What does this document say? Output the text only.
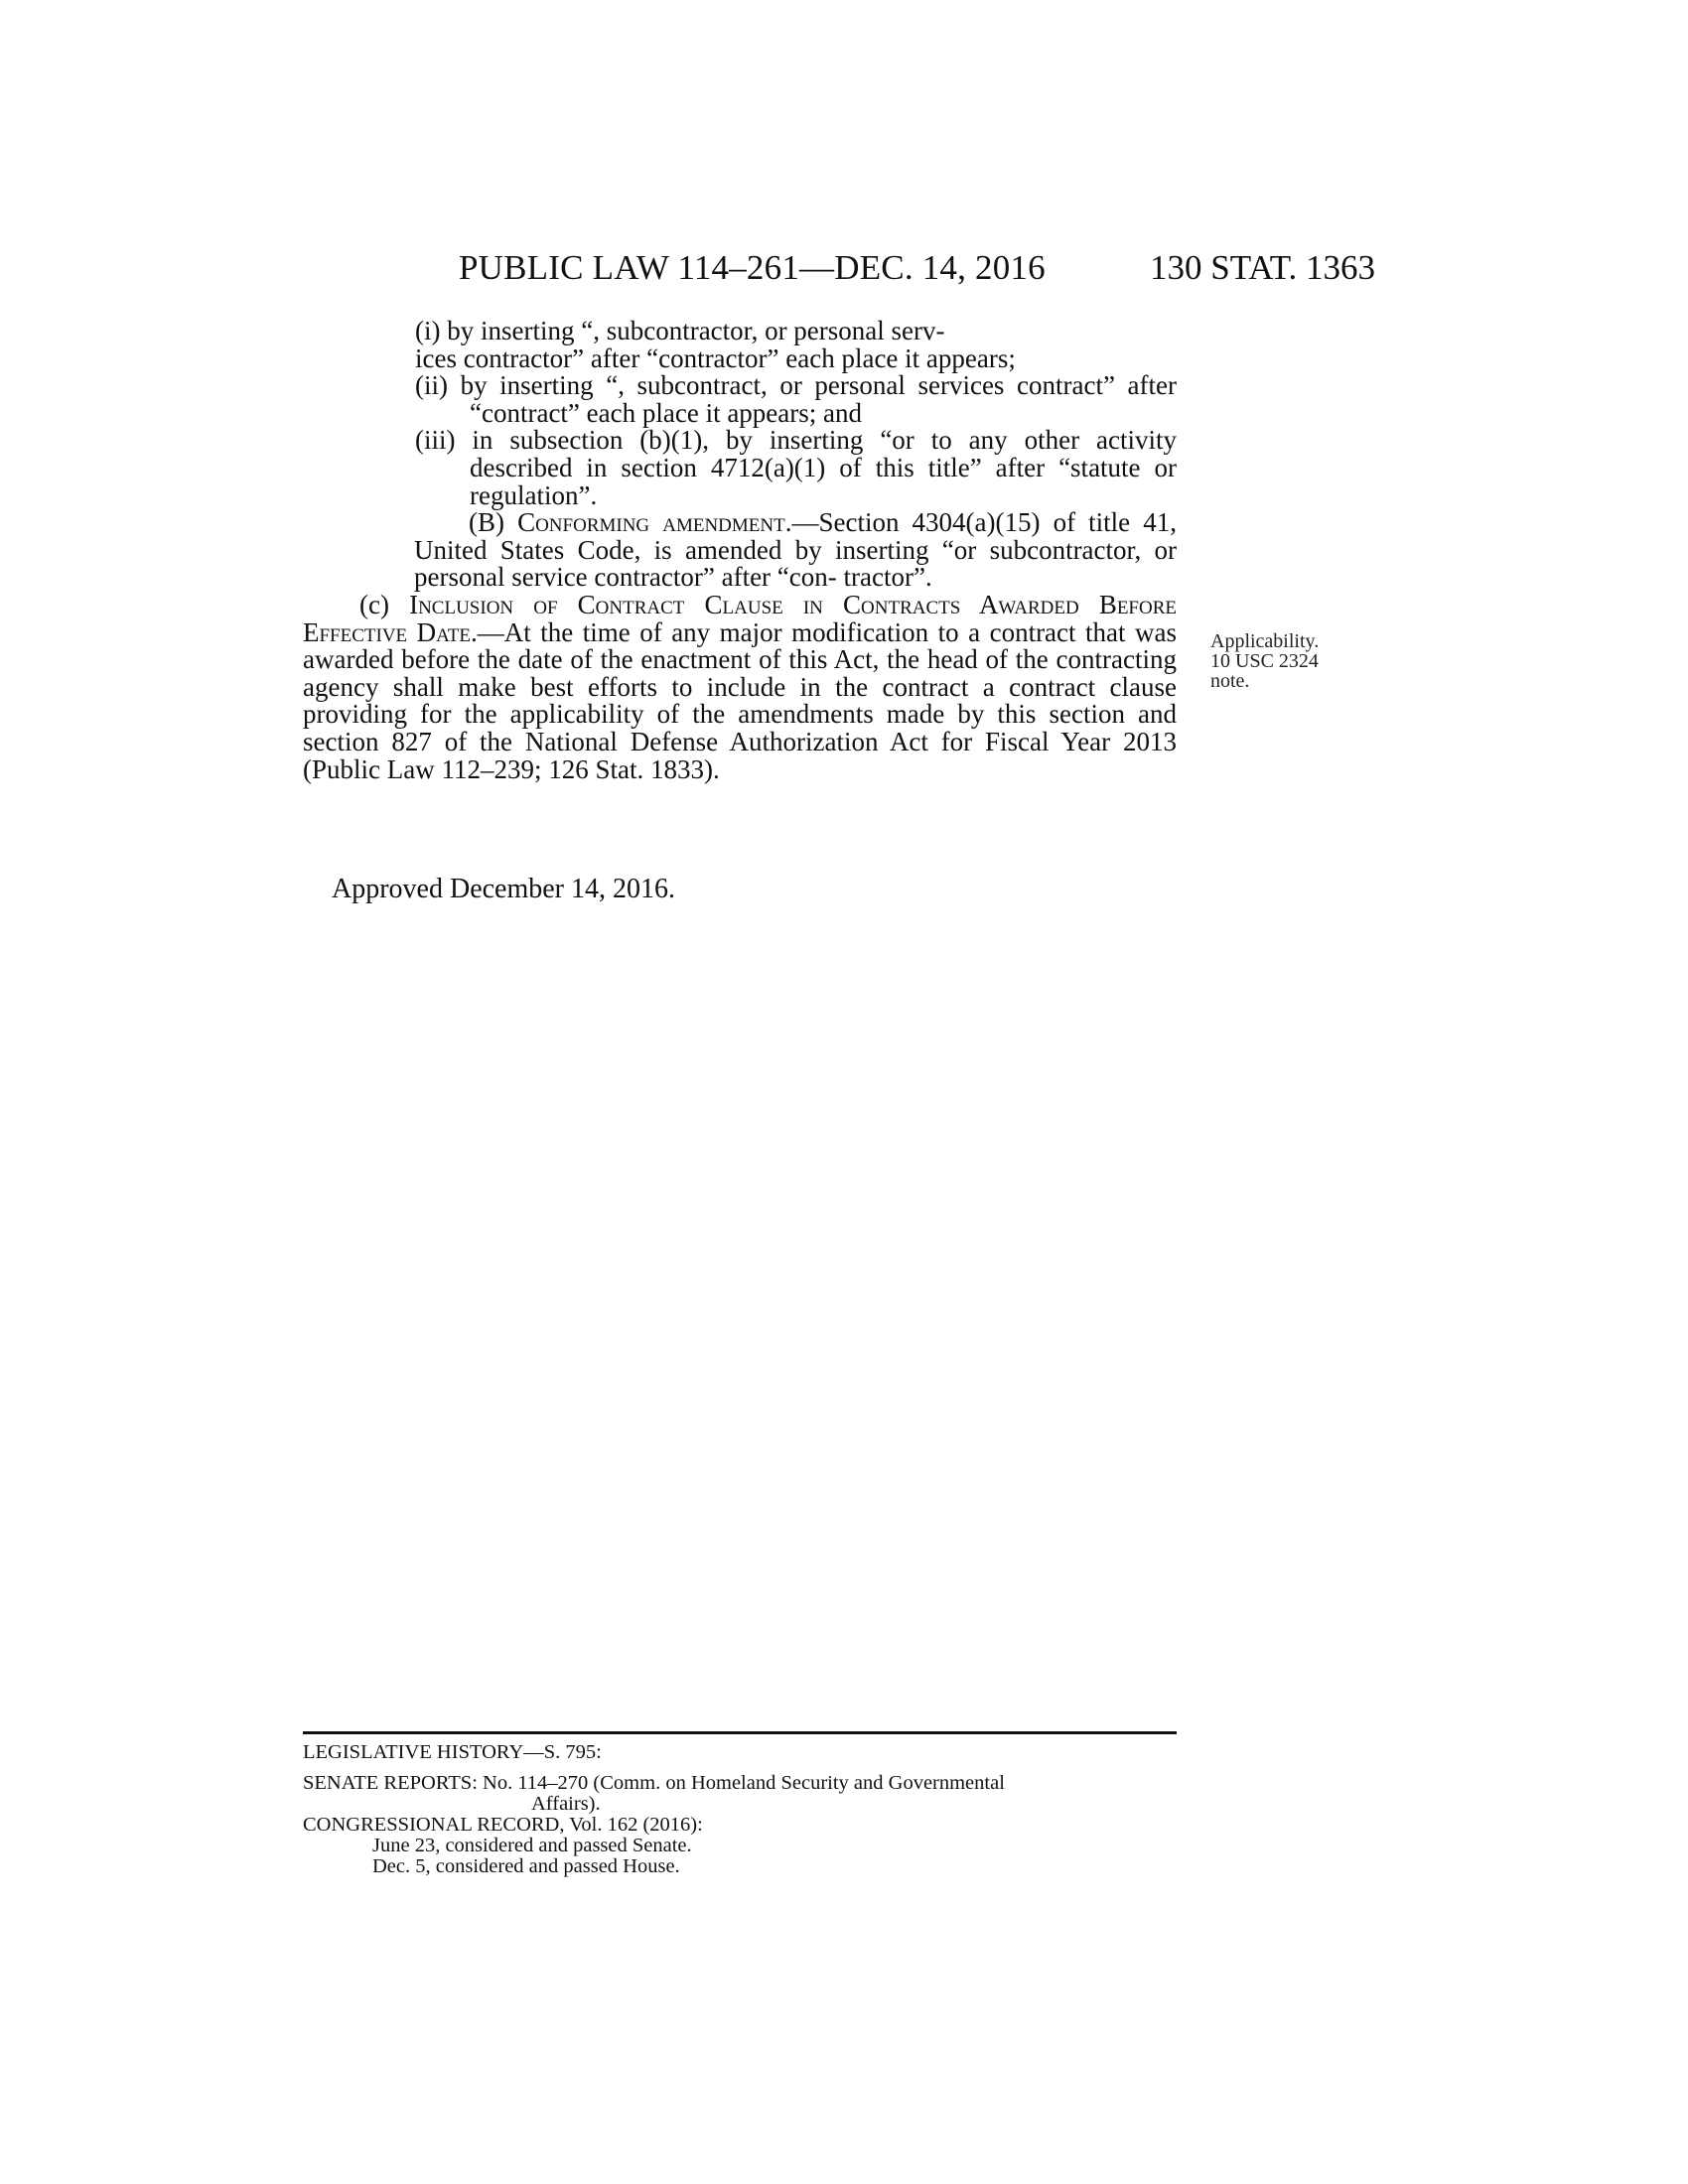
PUBLIC LAW 114–261—DEC. 14, 2016	130 STAT. 1363

(i) by inserting “, subcontractor, or personal serv-
ices contractor” after “contractor” each place it appears;

(ii) by inserting “, subcontract, or personal services contract” after “contract” each place it appears; and

(iii) in subsection (b)(1), by inserting “or to any other activity described in section 4712(a)(1) of this title” after “statute or regulation”.

(B) Conforming amendment.—Section 4304(a)(15) of title 41, United States Code, is amended by inserting “or subcontractor, or personal service contractor” after “con- tractor”.

(c) Inclusion of Contract Clause in Contracts Awarded Before Effective Date.—At the time of any major modification to a contract that was awarded before the date of the enactment of this Act, the head of the contracting agency shall make best efforts to include in the contract a contract clause providing for the applicability of the amendments made by this section and section 827 of the National Defense Authorization Act for Fiscal Year 2013 (Public Law 112–239; 126 Stat. 1833).

Applicability.
10 USC 2324
note.
Approved December 14, 2016.

LEGISLATIVE HISTORY—S. 795:

SENATE REPORTS: No. 114–270 (Comm. on Homeland Security and Governmental

Affairs).

CONGRESSIONAL RECORD, Vol. 162 (2016):

June 23, considered and passed Senate.

Dec. 5, considered and passed House.
